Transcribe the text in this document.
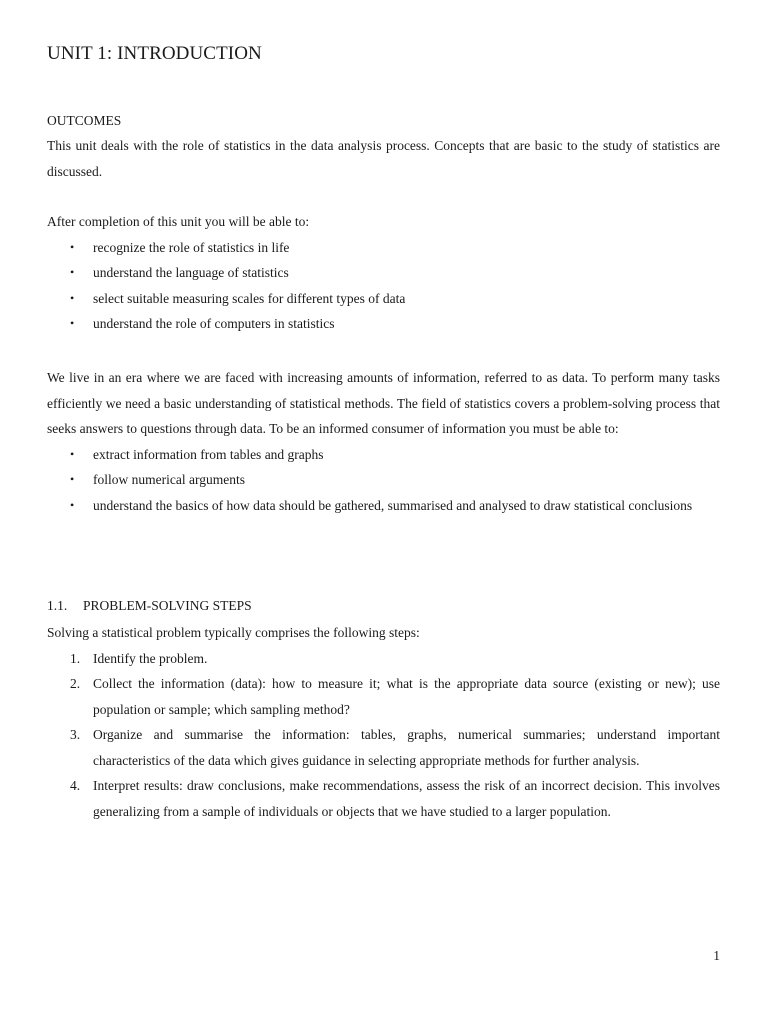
UNIT 1: INTRODUCTION
OUTCOMES

This unit deals with the role of statistics in the data analysis process. Concepts that are basic to the study of statistics are discussed.

After completion of this unit you will be able to:

• recognize the role of statistics in life
• understand the language of statistics
• select suitable measuring scales for different types of data
• understand the role of computers in statistics

We live in an era where we are faced with increasing amounts of information, referred to as data. To perform many tasks efficiently we need a basic understanding of statistical methods. The field of statistics covers a problem-solving process that seeks answers to questions through data. To be an informed consumer of information you must be able to:

• extract information from tables and graphs
• follow numerical arguments
• understand the basics of how data should be gathered, summarised and analysed to draw statistical conclusions
1.1. PROBLEM-SOLVING STEPS

Solving a statistical problem typically comprises the following steps:

1. Identify the problem.
2. Collect the information (data): how to measure it; what is the appropriate data source (existing or new); use population or sample; which sampling method?
3. Organize and summarise the information: tables, graphs, numerical summaries; understand important characteristics of the data which gives guidance in selecting appropriate methods for further analysis.
4. Interpret results: draw conclusions, make recommendations, assess the risk of an incorrect decision. This involves generalizing from a sample of individuals or objects that we have studied to a larger population.
1
